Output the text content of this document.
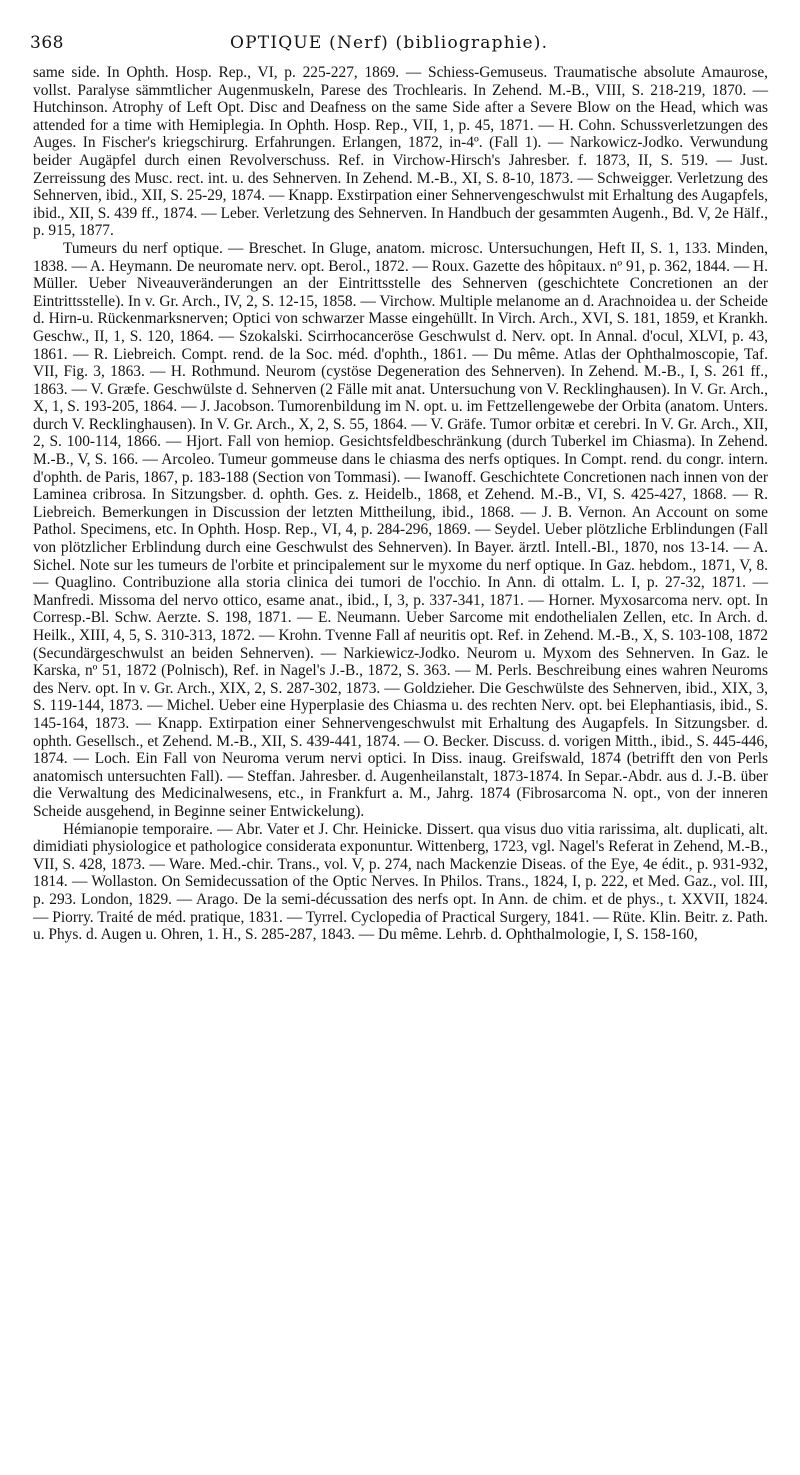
368	OPTIQUE (Nerf) (bibliographie).

same side. In Ophth. Hosp. Rep., VI, p. 225-227, 1869. — Schiess-Gemuseus. Traumatische absolute Amaurose, vollst. Paralyse sämmtlicher Augenmuskeln, Parese des Trochlearis. In Zehend. M.-B., VIII, S. 218-219, 1870. — Hutchinson. Atrophy of Left Opt. Disc and Deafness on the same Side after a Severe Blow on the Head, which was attended for a time with Hemiplegia. In Ophth. Hosp. Rep., VII, 1, p. 45, 1871. — H. Cohn. Schussverletzungen des Auges. In Fischer's kriegschirurg. Erfahrungen. Erlangen, 1872, in-4º. (Fall 1). — Narkowicz-Jodko. Verwundung beider Augäpfel durch einen Revolverschuss. Ref. in Virchow-Hirsch's Jahresber. f. 1873, II, S. 519. — Just. Zerreissung des Musc. rect. int. u. des Sehnerven. In Zehend. M.-B., XI, S. 8-10, 1873. — Schweigger. Verletzung des Sehnerven, ibid., XII, S. 25-29, 1874. — Knapp. Exstirpation einer Sehnervengeschwulst mit Erhaltung des Augapfels, ibid., XII, S. 439 ff., 1874. — Leber. Verletzung des Sehnerven. In Handbuch der gesammten Augenh., Bd. V, 2e Hälf., p. 915, 1877.

Tumeurs du nerf optique. — Breschet. In Gluge, anatom. microsc. Untersuchungen, Heft II, S. 1, 133. Minden, 1838. — A. Heymann. De neuromate nerv. opt. Berol., 1872. — Roux. Gazette des hôpitaux. nº 91, p. 362, 1844. — H. Müller. Ueber Niveauveränderungen an der Eintrittsstelle des Sehnerven (geschichtete Concretionen an der Eintrittsstelle). In v. Gr. Arch., IV, 2, S. 12-15, 1858. — Virchow. Multiple melanome an d. Arachnoidea u. der Scheide d. Hirn-u. Rückenmarksnerven; Optici von schwarzer Masse eingehüllt. In Virch. Arch., XVI, S. 181, 1859, et Krankh. Geschw., II, 1, S. 120, 1864. — Szokalski. Scirrhocanceröse Geschwulst d. Nerv. opt. In Annal. d'ocul, XLVI, p. 43, 1861. — R. Liebreich. Compt. rend. de la Soc. méd. d'ophth., 1861. — Du même. Atlas der Ophthalmoscopie, Taf. VII, Fig. 3, 1863. — H. Rothmund. Neurom (cystöse Degeneration des Sehnerven). In Zehend. M.-B., I, S. 261 ff., 1863. — V. Græfe. Geschwülste d. Sehnerven (2 Fälle mit anat. Untersuchung von V. Recklinghausen). In V. Gr. Arch., X, 1, S. 193-205, 1864. — J. Jacobson. Tumorenbildung im N. opt. u. im Fettzellengewebe der Orbita (anatom. Unters. durch V. Recklinghausen). In V. Gr. Arch., X, 2, S. 55, 1864. — V. Gräfe. Tumor orbitæ et cerebri. In V. Gr. Arch., XII, 2, S. 100-114, 1866. — Hjort. Fall von hemiop. Gesichtsfeldbeschränkung (durch Tuberkel im Chiasma). In Zehend. M.-B., V, S. 166. — Arcoleo. Tumeur gommeuse dans le chiasma des nerfs optiques. In Compt. rend. du congr. intern. d'ophth. de Paris, 1867, p. 183-188 (Section von Tommasi). — Iwanoff. Geschichtete Concretionen nach innen von der Laminea cribrosa. In Sitzungsber. d. ophth. Ges. z. Heidelb., 1868, et Zehend. M.-B., VI, S. 425-427, 1868. — R. Liebreich. Bemerkungen in Discussion der letzten Mittheilung, ibid., 1868. — J. B. Vernon. An Account on some Pathol. Specimens, etc. In Ophth. Hosp. Rep., VI, 4, p. 284-296, 1869. — Seydel. Ueber plötzliche Erblindungen (Fall von plötzlicher Erblindung durch eine Geschwulst des Sehnerven). In Bayer. ärztl. Intell.-Bl., 1870, nos 13-14. — A. Sichel. Note sur les tumeurs de l'orbite et principalement sur le myxome du nerf optique. In Gaz. hebdom., 1871, V, 8. — Quaglino. Contribuzione alla storia clinica dei tumori de l'occhio. In Ann. di ottalm. L. I, p. 27-32, 1871. — Manfredi. Missoma del nervo ottico, esame anat., ibid., I, 3, p. 337-341, 1871. — Horner. Myxosarcoma nerv. opt. In Corresp.-Bl. Schw. Aerzte. S. 198, 1871. — E. Neumann. Ueber Sarcome mit endothelialen Zellen, etc. In Arch. d. Heilk., XIII, 4, 5, S. 310-313, 1872. — Krohn. Tvenne Fall af neuritis opt. Ref. in Zehend. M.-B., X, S. 103-108, 1872 (Secundärgeschwulst an beiden Sehnerven). — Narkiewicz-Jodko. Neurom u. Myxom des Sehnerven. In Gaz. le Karska, nº 51, 1872 (Polnisch), Ref. in Nagel's J.-B., 1872, S. 363. — M. Perls. Beschreibung eines wahren Neuroms des Nerv. opt. In v. Gr. Arch., XIX, 2, S. 287-302, 1873. — Goldzieher. Die Geschwülste des Sehnerven, ibid., XIX, 3, S. 119-144, 1873. — Michel. Ueber eine Hyperplasie des Chiasma u. des rechten Nerv. opt. bei Elephantiasis, ibid., S. 145-164, 1873. — Knapp. Extirpation einer Sehnervengeschwulst mit Erhaltung des Augapfels. In Sitzungsber. d. ophth. Gesellsch., et Zehend. M.-B., XII, S. 439-441, 1874. — O. Becker. Discuss. d. vorigen Mitth., ibid., S. 445-446, 1874. — Loch. Ein Fall von Neuroma verum nervi optici. In Diss. inaug. Greifswald, 1874 (betrifft den von Perls anatomisch untersuchten Fall). — Steffan. Jahresber. d. Augenheilanstalt, 1873-1874. In Separ.-Abdr. aus d. J.-B. über die Verwaltung des Medicinalwesens, etc., in Frankfurt a. M., Jahrg. 1874 (Fibrosarcoma N. opt., von der inneren Scheide ausgehend, in Beginne seiner Entwickelung).

Hémianopie temporaire. — Abr. Vater et J. Chr. Heinicke. Dissert. qua visus duo vitia rarissima, alt. duplicati, alt. dimidiati physiologice et pathologice considerata exponuntur. Wittenberg, 1723, vgl. Nagel's Referat in Zehend, M.-B., VII, S. 428, 1873. — Ware. Med.-chir. Trans., vol. V, p. 274, nach Mackenzie Diseas. of the Eye, 4e édit., p. 931-932, 1814. — Wollaston. On Semidecussation of the Optic Nerves. In Philos. Trans., 1824, I, p. 222, et Med. Gaz., vol. III, p. 293. London, 1829. — Arago. De la semi-décussation des nerfs opt. In Ann. de chim. et de phys., t. XXVII, 1824. — Piorry. Traité de méd. pratique, 1831. — Tyrrel. Cyclopedia of Practical Surgery, 1841. — Rüte. Klin. Beitr. z. Path. u. Phys. d. Augen u. Ohren, 1. H., S. 285-287, 1843. — Du même. Lehrb. d. Ophthalmologie, I, S. 158-160,
